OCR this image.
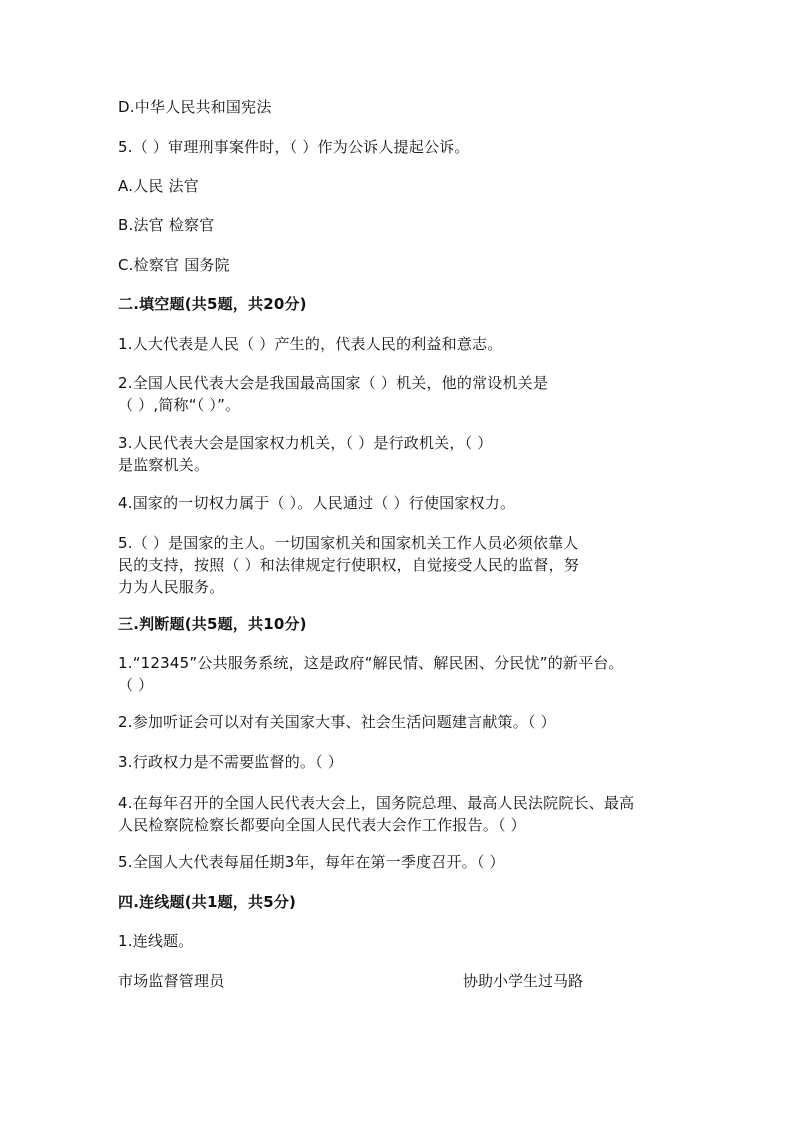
D.中华人民共和国宪法
5.（ ）审理刑事案件时，（ ）作为公诉人提起公诉。
A.人民 法官
B.法官 检察官
C.检察官 国务院
二.填空题(共5题，共20分)
1.人大代表是人民（ ）产生的，代表人民的利益和意志。
2.全国人民代表大会是我国最高国家（ ）机关，他的常设机关是
（ ）,简称“（ ）”。
3.人民代表大会是国家权力机关，（ ）是行政机关，（ ）
是监察机关。
4.国家的一切权力属于（ ）。人民通过（ ）行使国家权力。
5.（ ）是国家的主人。一切国家机关和国家机关工作人员必须依靠人
民的支持，按照（ ）和法律规定行使职权，自觉接受人民的监督，努
力为人民服务。
三.判断题(共5题，共10分)
1.“12345”公共服务系统，这是政府“解民情、解民困、分民忧”的新平台。
（ ）
2.参加听证会可以对有关国家大事、社会生活问题建言献策。（ ）
3.行政权力是不需要监督的。（ ）
4.在每年召开的全国人民代表大会上，国务院总理、最高人民法院院长、最高
人民检察院检察长都要向全国人民代表大会作工作报告。（ ）
5.全国人大代表每届任期3年，每年在第一季度召开。（ ）
四.连线题(共1题，共5分)
1.连线题。
市场监督管理员	协助小学生过马路
